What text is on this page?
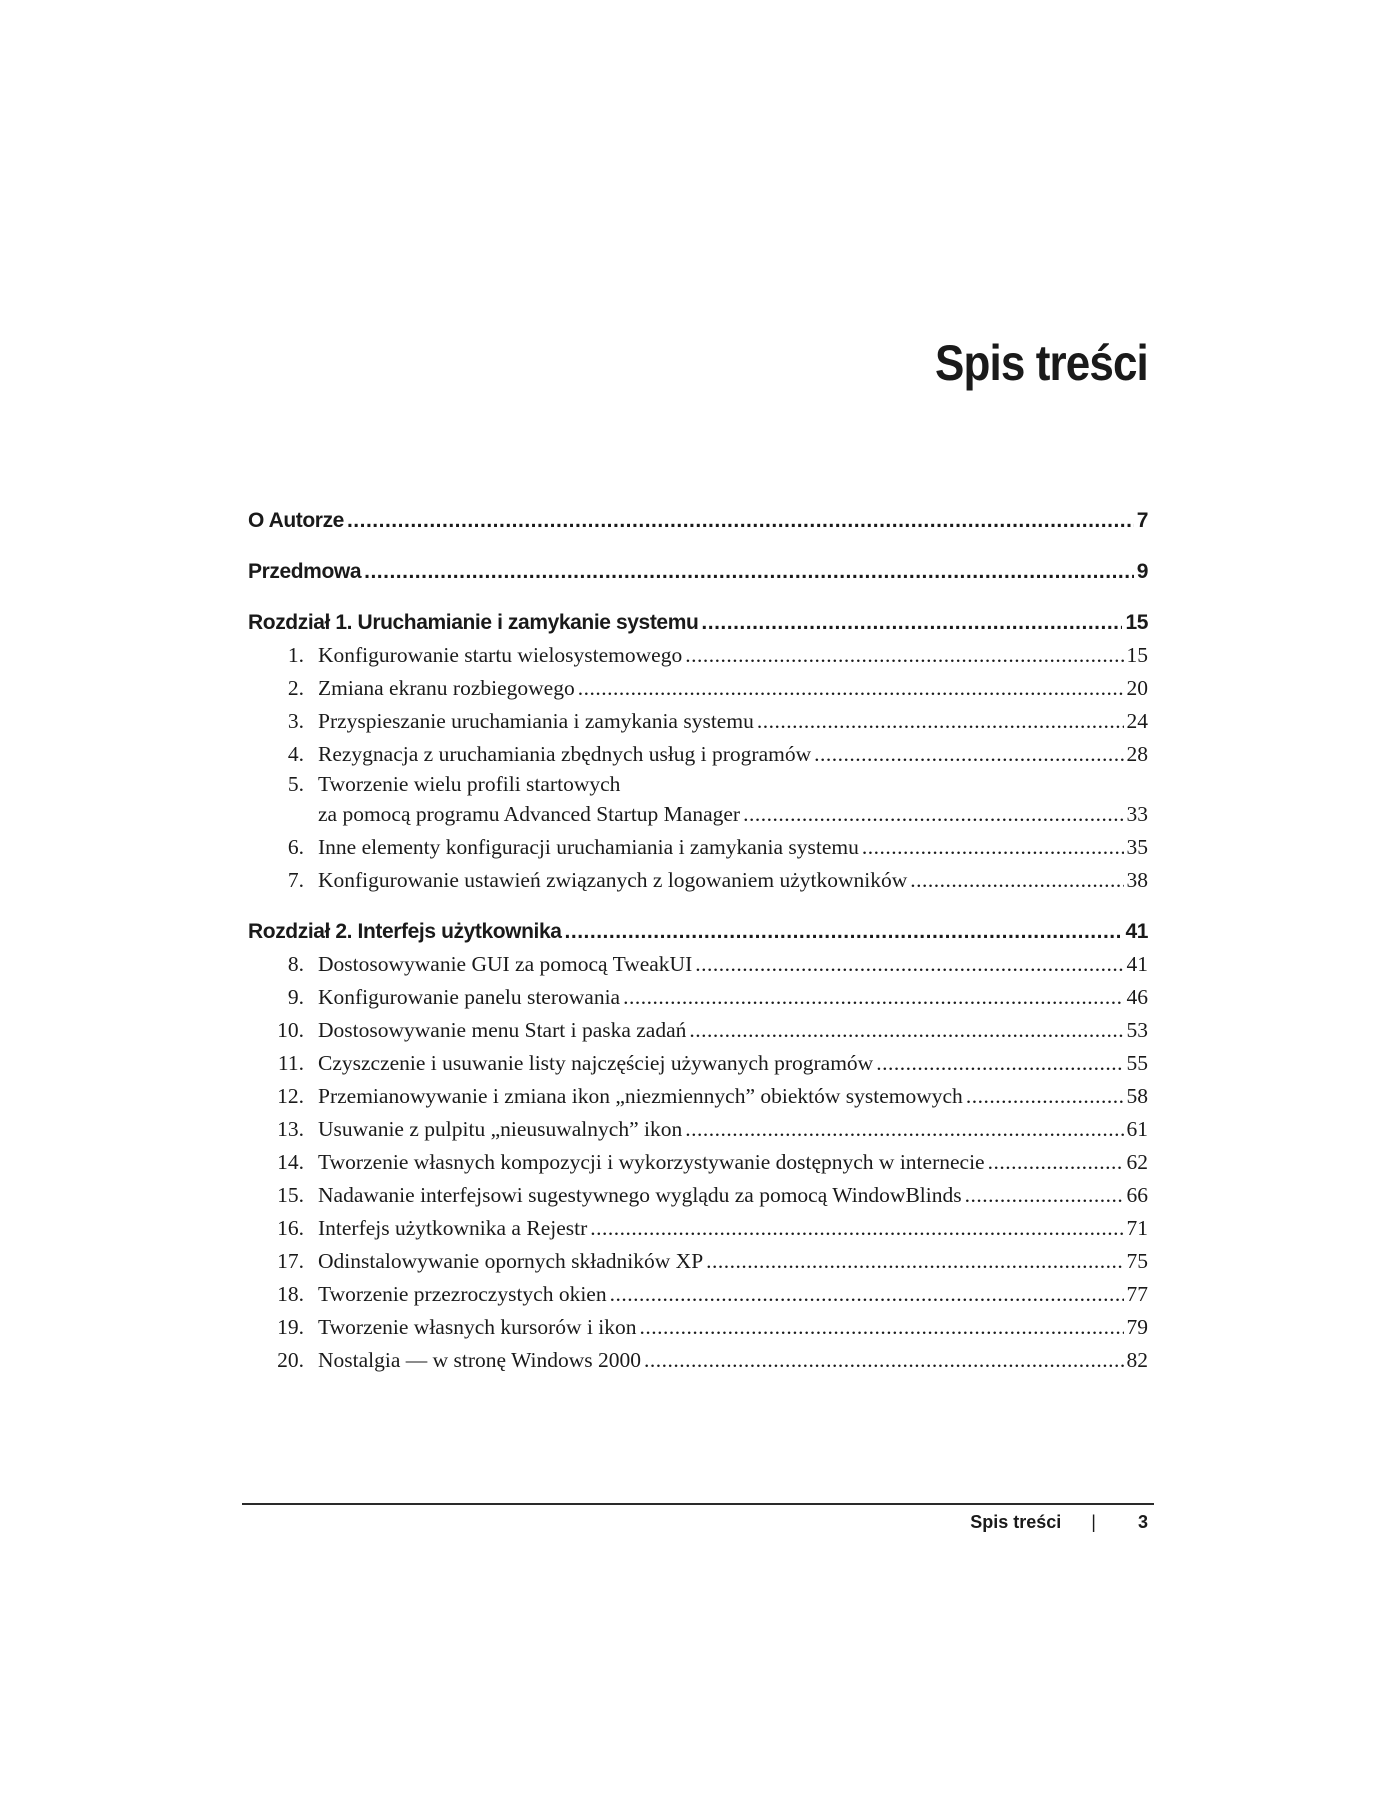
Spis treści
O Autorze .....	7
Przedmowa .....	9
Rozdział 1. Uruchamianie i zamykanie systemu .....	15
1. Konfigurowanie startu wielosystemowego .....	15
2. Zmiana ekranu rozbiegowego .....	20
3. Przyspieszanie uruchamiania i zamykania systemu .....	24
4. Rezygnacja z uruchamiania zbędnych usług i programów .....	28
5. Tworzenie wielu profili startowych
za pomocą programu Advanced Startup Manager .....	33
6. Inne elementy konfiguracji uruchamiania i zamykania systemu .....	35
7. Konfigurowanie ustawień związanych z logowaniem użytkowników .....	38
Rozdział 2. Interfejs użytkownika .....	41
8. Dostosowywanie GUI za pomocą TweakUI .....	41
9. Konfigurowanie panelu sterowania .....	46
10. Dostosowywanie menu Start i paska zadań .....	53
11. Czyszczenie i usuwanie listy najczęściej używanych programów .....	55
12. Przemianowywanie i zmiana ikon „niezmiennych” obiektów systemowych .....	58
13. Usuwanie z pulpitu „nieusuwalnych” ikon .....	61
14. Tworzenie własnych kompozycji i wykorzystywanie dostępnych w internecie .....	62
15. Nadawanie interfejsowi sugestywnego wyglądu za pomocą WindowBlinds .....	66
16. Interfejs użytkownika a Rejestr .....	71
17. Odinstalowywanie opornych składników XP .....	75
18. Tworzenie przezroczystych okien .....	77
19. Tworzenie własnych kursorów i ikon .....	79
20. Nostalgia — w stronę Windows 2000 .....	82
Spis treści | 3
